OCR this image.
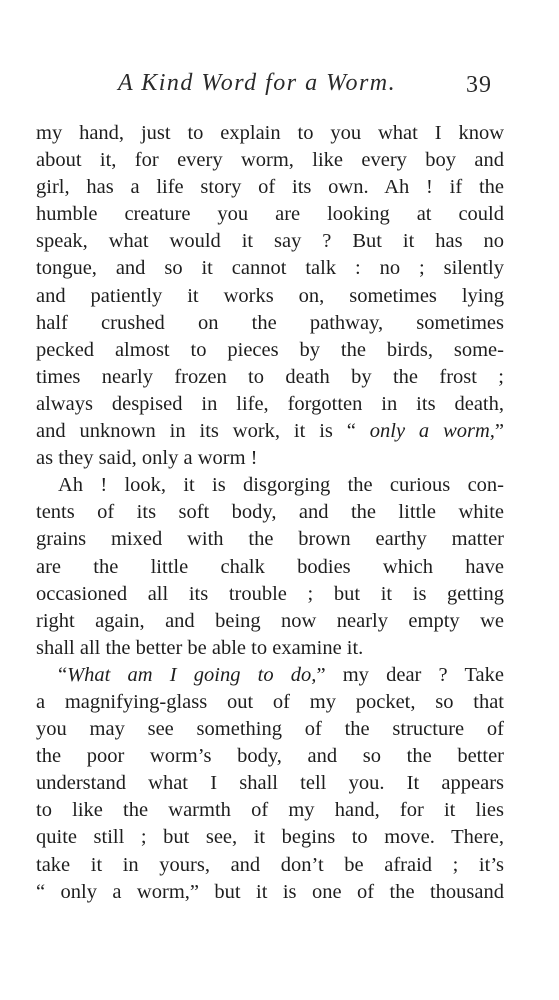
A Kind Word for a Worm.	39
my hand, just to explain to you what I know
about it, for every worm, like every boy and
girl, has a life story of its own. Ah ! if the
humble creature you are looking at could
speak, what would it say ? But it has no
tongue, and so it cannot talk : no ; silently
and patiently it works on, sometimes lying
half crushed on the pathway, sometimes
pecked almost to pieces by the birds, some-
times nearly frozen to death by the frost ;
always despised in life, forgotten in its death,
and unknown in its work, it is “ only a worm,”
as they said, only a worm !
Ah ! look, it is disgorging the curious con-
tents of its soft body, and the little white
grains mixed with the brown earthy matter
are the little chalk bodies which have
occasioned all its trouble ; but it is getting
right again, and being now nearly empty we
shall all the better be able to examine it.
“What am I going to do,” my dear ? Take
a magnifying-glass out of my pocket, so that
you may see something of the structure of
the poor worm’s body, and so the better
understand what I shall tell you. It appears
to like the warmth of my hand, for it lies
quite still ; but see, it begins to move. There,
take it in yours, and don’t be afraid ; it’s
“ only a worm,” but it is one of the thousand
